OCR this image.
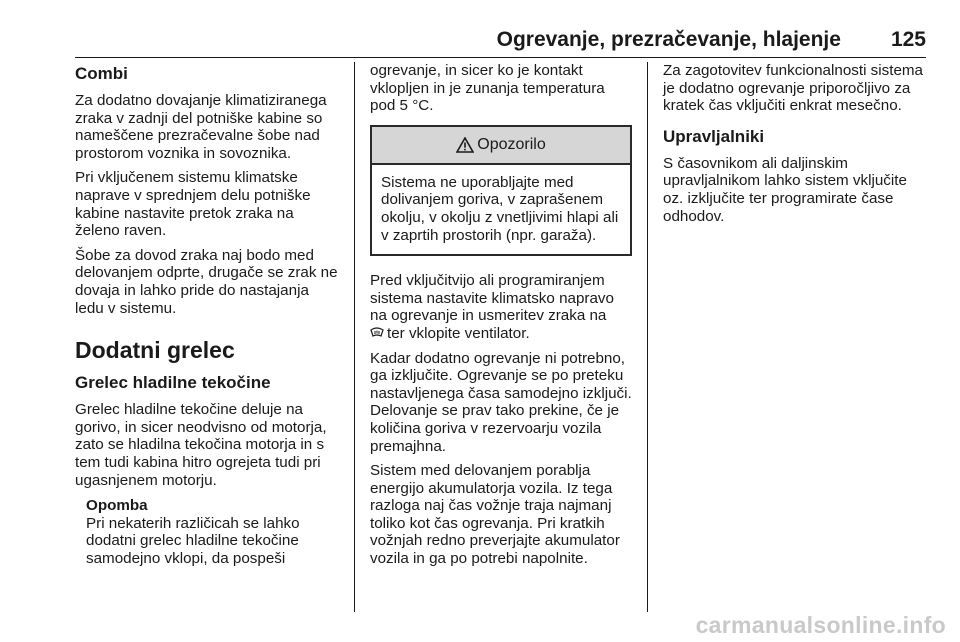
Ogrevanje, prezračevanje, hlajenje 125
Combi

Za dodatno dovajanje klimatiziranega zraka v zadnji del potniške kabine so nameščene prezračevalne šobe nad prostorom voznika in sovoznika.

Pri vključenem sistemu klimatske naprave v sprednjem delu potniške kabine nastavite pretok zraka na želeno raven.

Šobe za dovod zraka naj bodo med delovanjem odprte, drugače se zrak ne dovaja in lahko pride do nastajanja ledu v sistemu.

Dodatni grelec
Grelec hladilne tekočine

Grelec hladilne tekočine deluje na gorivo, in sicer neodvisno od motorja, zato se hladilna tekočina motorja in s tem tudi kabina hitro ogrejeta tudi pri ugasnjenem motorju.

Opomba
Pri nekaterih različicah se lahko dodatni grelec hladilne tekočine samodejno vklopi, da pospeši

ogrevanje, in sicer ko je kontakt vklopljen in je zunanja temperatura pod 5 °C.

Opozorilo
Sistema ne uporabljajte med dolivanjem goriva, v zaprašenem okolju, v okolju z vnetljivimi hlapi ali v zaprtih prostorih (npr. garaža).

Pred vključitvijo ali programiranjem sistema nastavite klimatsko napravo na ogrevanje in usmeritev zraka na
ter vklopite ventilator.

Kadar dodatno ogrevanje ni potrebno, ga izključite. Ogrevanje se po preteku nastavljenega časa samodejno izključi. Delovanje se prav tako prekine, če je količina goriva v rezervoarju vozila premajhna.

Sistem med delovanjem porablja energijo akumulatorja vozila. Iz tega razloga naj čas vožnje traja najmanj toliko kot čas ogrevanja. Pri kratkih vožnjah redno preverjajte akumulator vozila in ga po potrebi napolnite.

Za zagotovitev funkcionalnosti sistema je dodatno ogrevanje priporočljivo za kratek čas vključiti enkrat mesečno.

Upravljalniki

S časovnikom ali daljinskim upravljalnikom lahko sistem vključite oz. izključite ter programirate čase odhodov.

carmanualsonline.info
